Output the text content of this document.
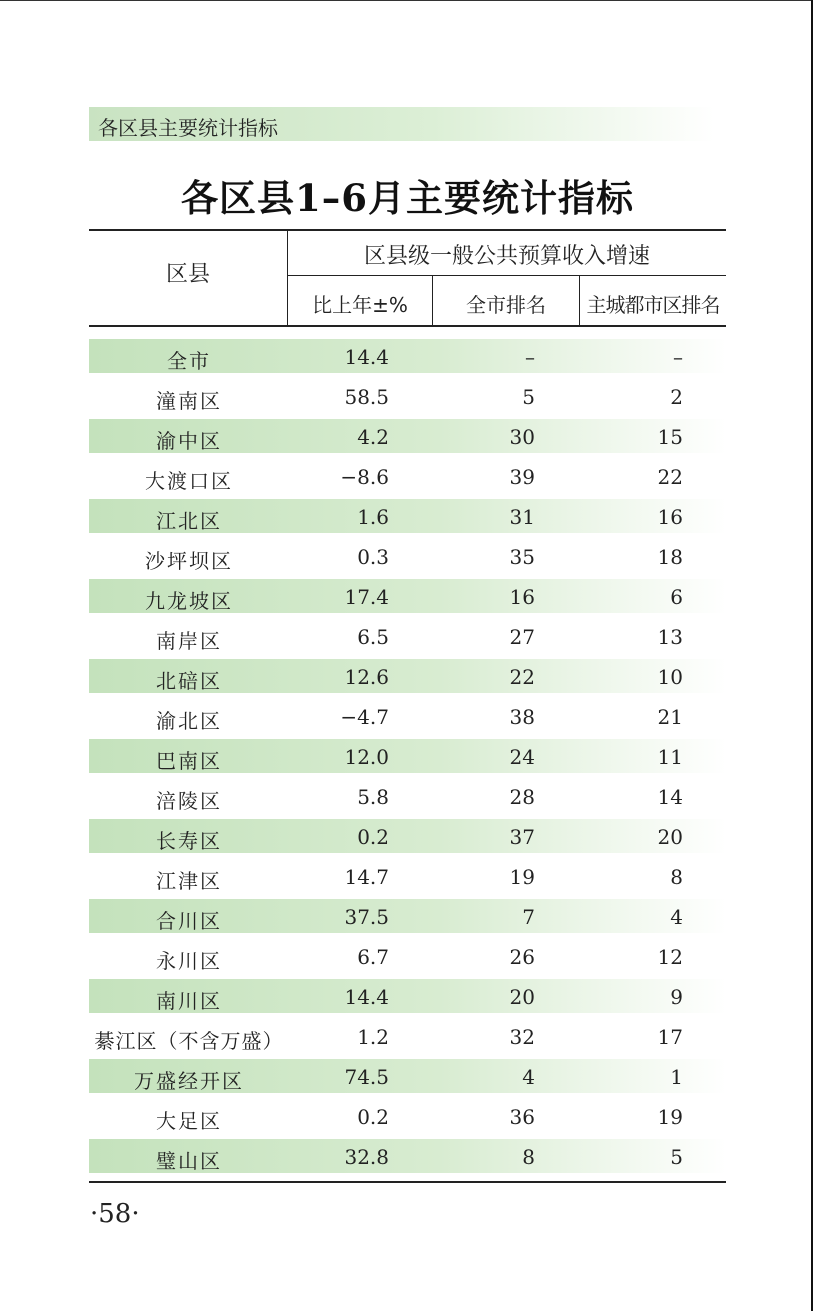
各区县主要统计指标
各区县1–6月主要统计指标
区县
区县级一般公共预算收入增速
比上年±%	全市排名	主城都市区排名
全市	14.4	–	–
潼南区	58.5	5	2
渝中区	4.2	30	15
大渡口区	−8.6	39	22
江北区	1.6	31	16
沙坪坝区	0.3	35	18
九龙坡区	17.4	16	6
南岸区	6.5	27	13
北碚区	12.6	22	10
渝北区	−4.7	38	21
巴南区	12.0	24	11
涪陵区	5.8	28	14
长寿区	0.2	37	20
江津区	14.7	19	8
合川区	37.5	7	4
永川区	6.7	26	12
南川区	14.4	20	9
綦江区（不含万盛）	1.2	32	17
万盛经开区	74.5	4	1
大足区	0.2	36	19
璧山区	32.8	8	5
·58·
